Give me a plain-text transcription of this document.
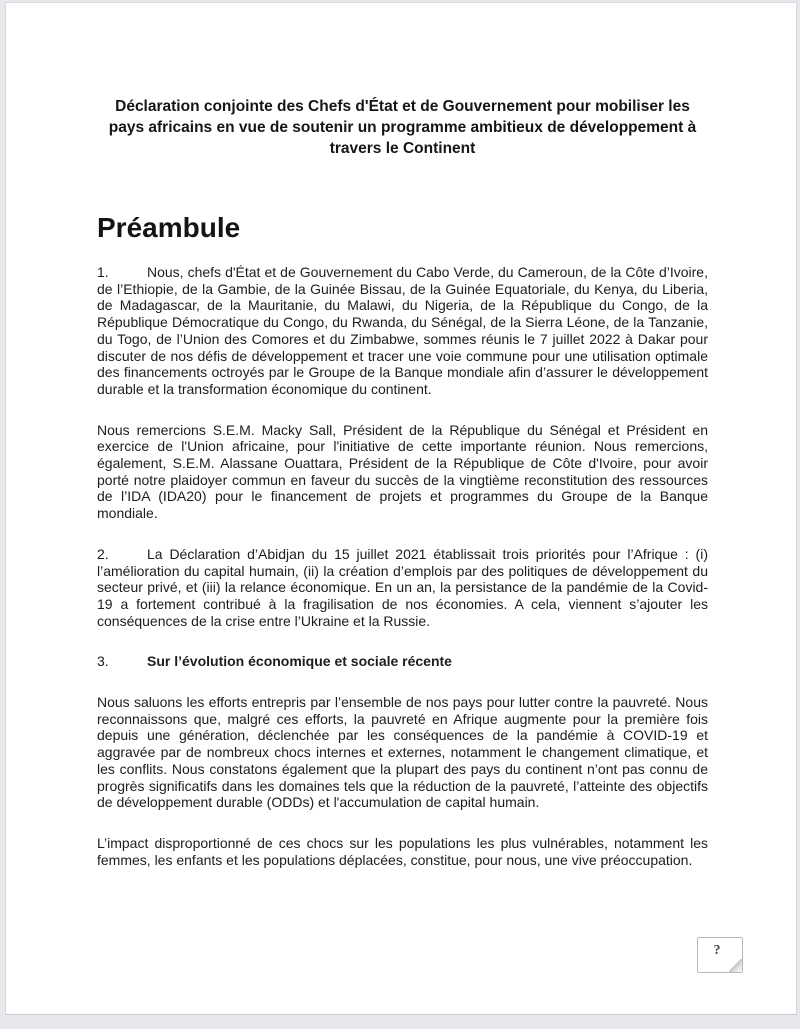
Déclaration conjointe des Chefs d'État et de Gouvernement pour mobiliser les pays africains en vue de soutenir un programme ambitieux de développement à travers le Continent
Préambule

1.	Nous, chefs d'État et de Gouvernement du Cabo Verde, du Cameroun, de la Côte d’Ivoire, de l’Ethiopie, de la Gambie, de la Guinée Bissau, de la Guinée Equatoriale, du Kenya, du Liberia, de Madagascar, de la Mauritanie, du Malawi, du Nigeria, de la République du Congo, de la République Démocratique du Congo, du Rwanda, du Sénégal, de la Sierra Léone, de la Tanzanie, du Togo, de l’Union des Comores et du Zimbabwe, sommes réunis le 7 juillet 2022 à Dakar pour discuter de nos défis de développement et tracer une voie commune pour une utilisation optimale des financements octroyés par le Groupe de la Banque mondiale afin d’assurer le développement durable et la transformation économique du continent.

Nous remercions S.E.M. Macky Sall, Président de la République du Sénégal et Président en exercice de l'Union africaine, pour l'initiative de cette importante réunion. Nous remercions, également, S.E.M. Alassane Ouattara, Président de la République de Côte d'Ivoire, pour avoir porté notre plaidoyer commun en faveur du succès de la vingtième reconstitution des ressources de l’IDA (IDA20) pour le financement de projets et programmes du Groupe de la Banque mondiale.

2.	La Déclaration d’Abidjan du 15 juillet 2021 établissait trois priorités pour l’Afrique : (i) l’amélioration du capital humain, (ii) la création d’emplois par des politiques de développement du secteur privé, et (iii) la relance économique. En un an, la persistance de la pandémie de la Covid-19 a fortement contribué à la fragilisation de nos économies. A cela, viennent s’ajouter les conséquences de la crise entre l’Ukraine et la Russie.

3.	Sur l’évolution économique et sociale récente

Nous saluons les efforts entrepris par l’ensemble de nos pays pour lutter contre la pauvreté. Nous reconnaissons que, malgré ces efforts, la pauvreté en Afrique augmente pour la première fois depuis une génération, déclenchée par les conséquences de la pandémie à COVID-19 et aggravée par de nombreux chocs internes et externes, notamment le changement climatique, et les conflits. Nous constatons également que la plupart des pays du continent n’ont pas connu de progrès significatifs dans les domaines tels que la réduction de la pauvreté, l’atteinte des objectifs de développement durable (ODDs) et l'accumulation de capital humain.

L’impact disproportionné de ces chocs sur les populations les plus vulnérables, notamment les femmes, les enfants et les populations déplacées, constitue, pour nous, une vive préoccupation.

?
